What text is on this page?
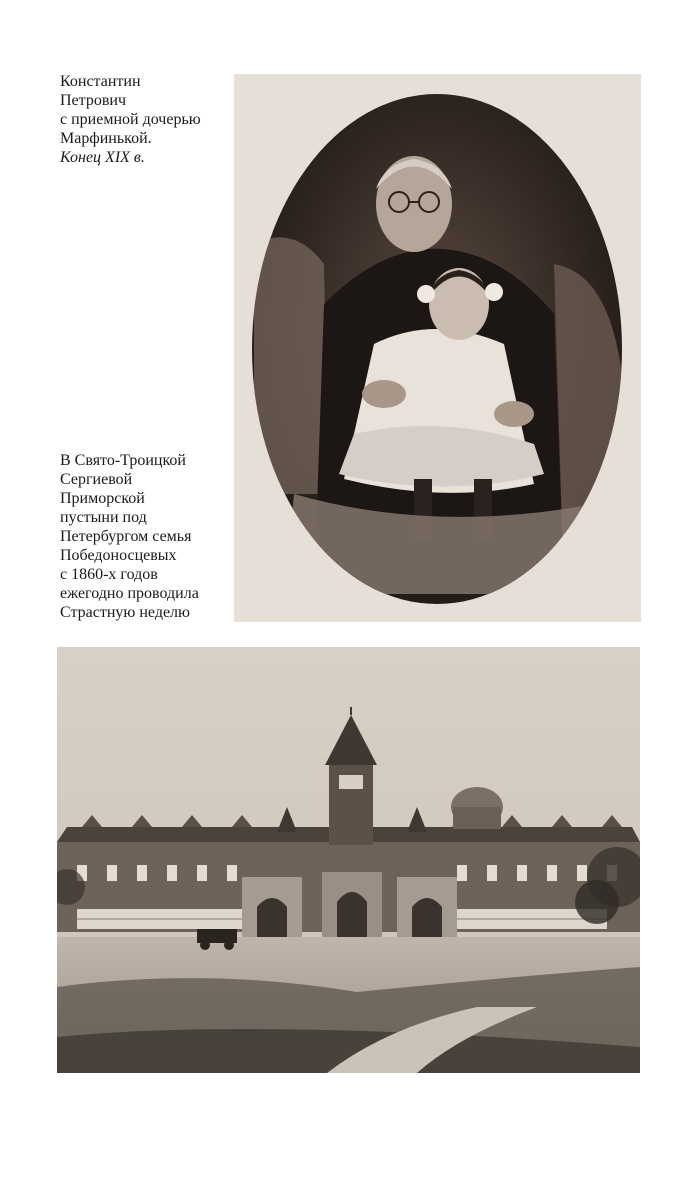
Константин
Петрович
с приемной дочерью
Марфинькой.
Конец XIX в.
В Свято-Троицкой
Сергиевой
Приморской
пустыни под
Петербургом семья
Победоносцевых
с 1860-х годов
ежегодно проводила
Страстную неделю
